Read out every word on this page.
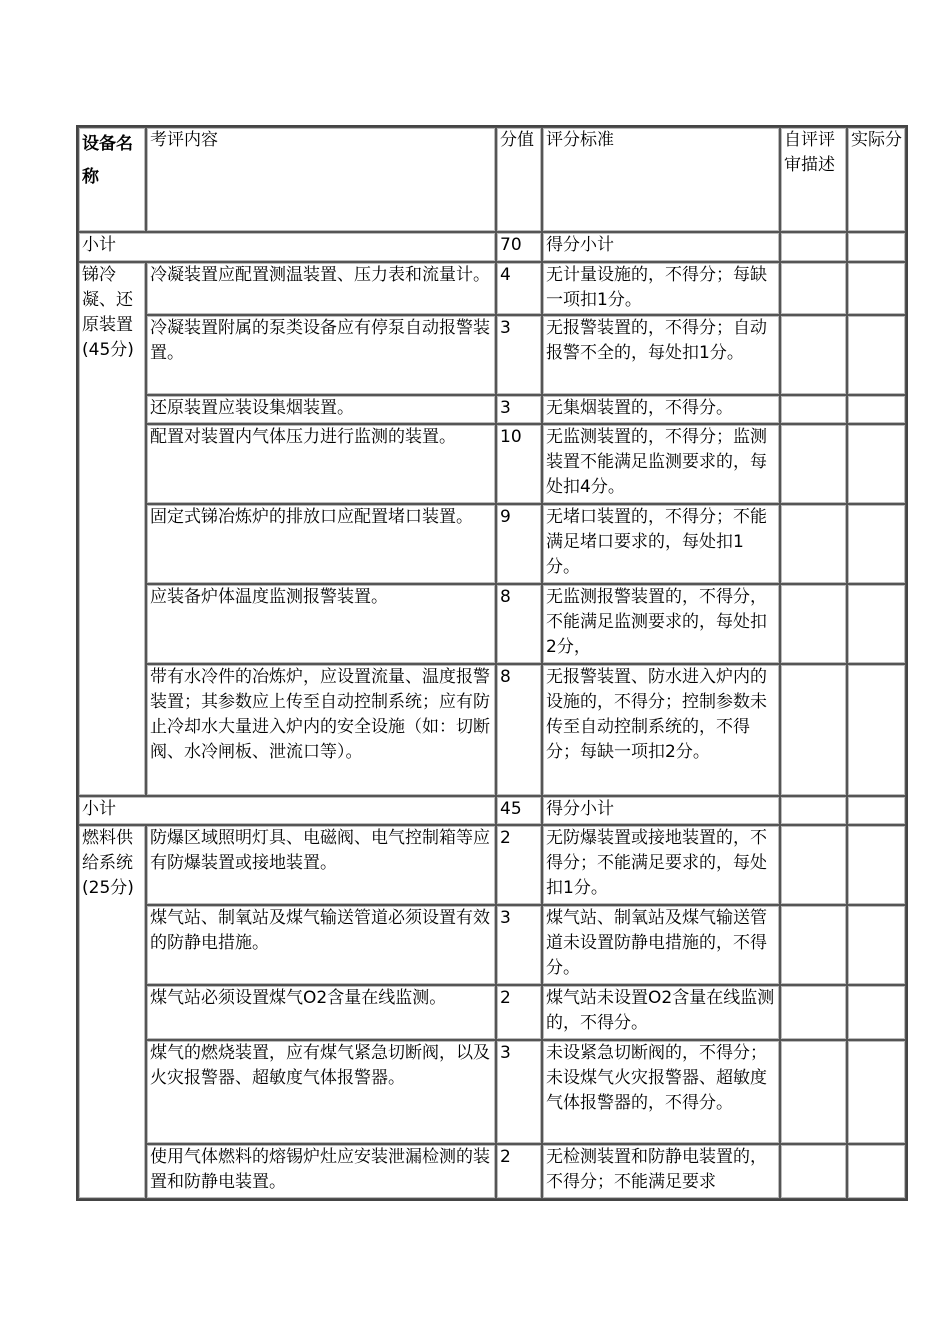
设备名称	考评内容	分值	评分标准	自评评审描述	实际分
小计		70	得分小计		
锑冷凝、还原装置(45分)	冷凝装置应配置测温装置、压力表和流量计。	4	无计量设施的，不得分；每缺一项扣1分。		
	冷凝装置附属的泵类设备应有停泵自动报警装置。	3	无报警装置的，不得分；自动报警不全的，每处扣1分。		
	还原装置应装设集烟装置。	3	无集烟装置的，不得分。		
	配置对装置内气体压力进行监测的装置。	10	无监测装置的，不得分；监测装置不能满足监测要求的，每处扣4分。		
	固定式锑冶炼炉的排放口应配置堵口装置。	9	无堵口装置的，不得分；不能满足堵口要求的，每处扣1分。		
	应装备炉体温度监测报警装置。	8	无监测报警装置的，不得分，不能满足监测要求的，每处扣2分，		
	带有水冷件的冶炼炉，应设置流量、温度报警装置；其参数应上传至自动控制系统；应有防止冷却水大量进入炉内的安全设施（如：切断阀、水冷闸板、泄流口等）。	8	无报警装置、防水进入炉内的设施的，不得分；控制参数未传至自动控制系统的，不得分；每缺一项扣2分。		
小计		45	得分小计		
燃料供给系统(25分)	防爆区域照明灯具、电磁阀、电气控制箱等应有防爆装置或接地装置。	2	无防爆装置或接地装置的，不得分；不能满足要求的，每处扣1分。		
	煤气站、制氧站及煤气输送管道必须设置有效的防静电措施。	3	煤气站、制氧站及煤气输送管道未设置防静电措施的，不得分。		
	煤气站必须设置煤气O2含量在线监测。	2	煤气站未设置O2含量在线监测的，不得分。		
	煤气的燃烧装置，应有煤气紧急切断阀，以及火灾报警器、超敏度气体报警器。	3	未设紧急切断阀的，不得分；未设煤气火灾报警器、超敏度气体报警器的，不得分。		
	使用气体燃料的熔锡炉灶应安装泄漏检测的装置和防静电装置。	2	无检测装置和防静电装置的，不得分；不能满足要求		
